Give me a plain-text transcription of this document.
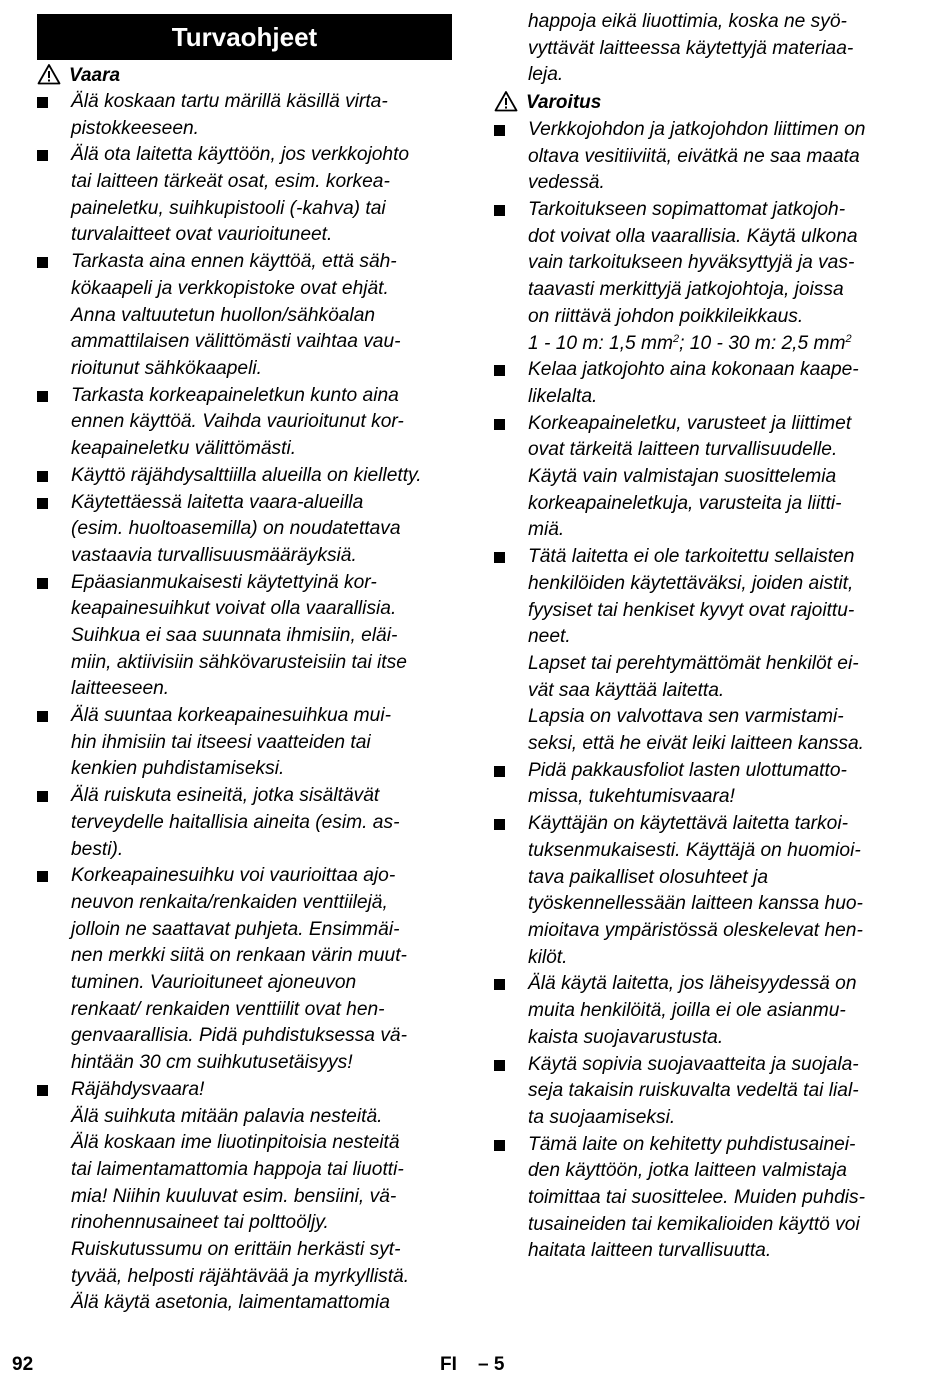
Turvaohjeet
Vaara
Älä koskaan tartu märillä käsillä virta-
pistokkeeseen.
Älä ota laitetta käyttöön, jos verkkojohto
tai laitteen tärkeät osat, esim. korkea-
paineletku, suihkupistooli (-kahva) tai
turvalaitteet ovat vaurioituneet.
Tarkasta aina ennen käyttöä, että säh-
kökaapeli ja verkkopistoke ovat ehjät.
Anna valtuutetun huollon/sähköalan
ammattilaisen välittömästi vaihtaa vau-
rioitunut sähkökaapeli.
Tarkasta korkeapaineletkun kunto aina
ennen käyttöä. Vaihda vaurioitunut kor-
keapaineletku välittömästi.
Käyttö räjähdysalttiilla alueilla on kielletty.
Käytettäessä laitetta vaara-alueilla
(esim. huoltoasemilla) on noudatettava
vastaavia turvallisuusmääräyksiä.
Epäasianmukaisesti käytettyinä kor-
keapainesuihkut voivat olla vaarallisia.
Suihkua ei saa suunnata ihmisiin, eläi-
miin, aktiivisiin sähkövarusteisiin tai itse
laitteeseen.
Älä suuntaa korkeapainesuihkua mui-
hin ihmisiin tai itseesi vaatteiden tai
kenkien puhdistamiseksi.
Älä ruiskuta esineitä, jotka sisältävät
terveydelle haitallisia aineita (esim. as-
besti).
Korkeapainesuihku voi vaurioittaa ajo-
neuvon renkaita/renkaiden venttiilejä,
jolloin ne saattavat puhjeta. Ensimmäi-
nen merkki siitä on renkaan värin muut-
tuminen. Vaurioituneet ajoneuvon
renkaat/ renkaiden venttiilit ovat hen-
genvaarallisia. Pidä puhdistuksessa vä-
hintään 30 cm suihkutusetäisyys!
Räjähdysvaara!
Älä suihkuta mitään palavia nesteitä.
Älä koskaan ime liuotinpitoisia nesteitä
tai laimentamattomia happoja tai liuotti-
mia! Niihin kuuluvat esim. bensiini, vä-
rinohennusaineet tai polttoöljy.
Ruiskutussumu on erittäin herkästi syt-
tyvää, helposti räjähtävää ja myrkyllistä.
Älä käytä asetonia, laimentamattomia
happoja eikä liuottimia, koska ne syö-
vyttävät laitteessa käytettyjä materiaa-
leja.
Varoitus
Verkkojohdon ja jatkojohdon liittimen on
oltava vesitiiviitä, eivätkä ne saa maata
vedessä.
Tarkoitukseen sopimattomat jatkojoh-
dot voivat olla vaarallisia. Käytä ulkona
vain tarkoitukseen hyväksyttyjä ja vas-
taavasti merkittyjä jatkojohtoja, joissa
on riittävä johdon poikkileikkaus.
1 - 10 m: 1,5 $mm^2$; 10 - 30 m: 2,5 $mm^2$
Kelaa jatkojohto aina kokonaan kaape-
likelalta.
Korkeapaineletku, varusteet ja liittimet
ovat tärkeitä laitteen turvallisuudelle.
Käytä vain valmistajan suosittelemia
korkeapaineletkuja, varusteita ja liitti-
miä.
Tätä laitetta ei ole tarkoitettu sellaisten
henkilöiden käytettäväksi, joiden aistit,
fyysiset tai henkiset kyvyt ovat rajoittu-
neet.
Lapset tai perehtymättömät henkilöt ei-
vät saa käyttää laitetta.
Lapsia on valvottava sen varmistami-
seksi, että he eivät leiki laitteen kanssa.
Pidä pakkausfoliot lasten ulottumatto-
missa, tukehtumisvaara!
Käyttäjän on käytettävä laitetta tarkoi-
tuksenmukaisesti. Käyttäjä on huomioi-
tava paikalliset olosuhteet ja
työskennellessään laitteen kanssa huo-
mioitava ympäristössä oleskelevat hen-
kilöt.
Älä käytä laitetta, jos läheisyydessä on
muita henkilöitä, joilla ei ole asianmu-
kaista suojavarustusta.
Käytä sopivia suojavaatteita ja suojala-
seja takaisin ruiskuvalta vedeltä tai lial-
ta suojaamiseksi.
Tämä laite on kehitetty puhdistusainei-
den käyttöön, jotka laitteen valmistaja
toimittaa tai suosittelee. Muiden puhdis-
tusaineiden tai kemikalioiden käyttö voi
haitata laitteen turvallisuutta.
92	FI – 5
